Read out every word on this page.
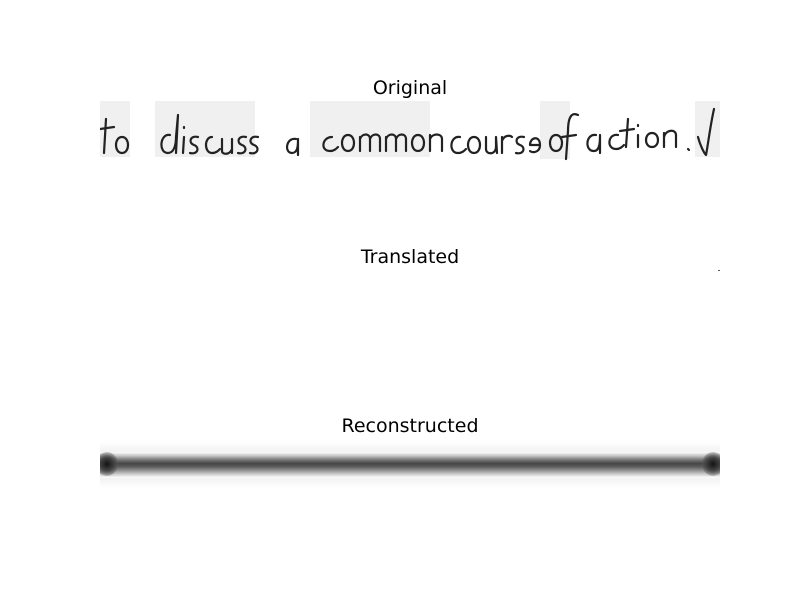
Original
Translated
Reconstructed
